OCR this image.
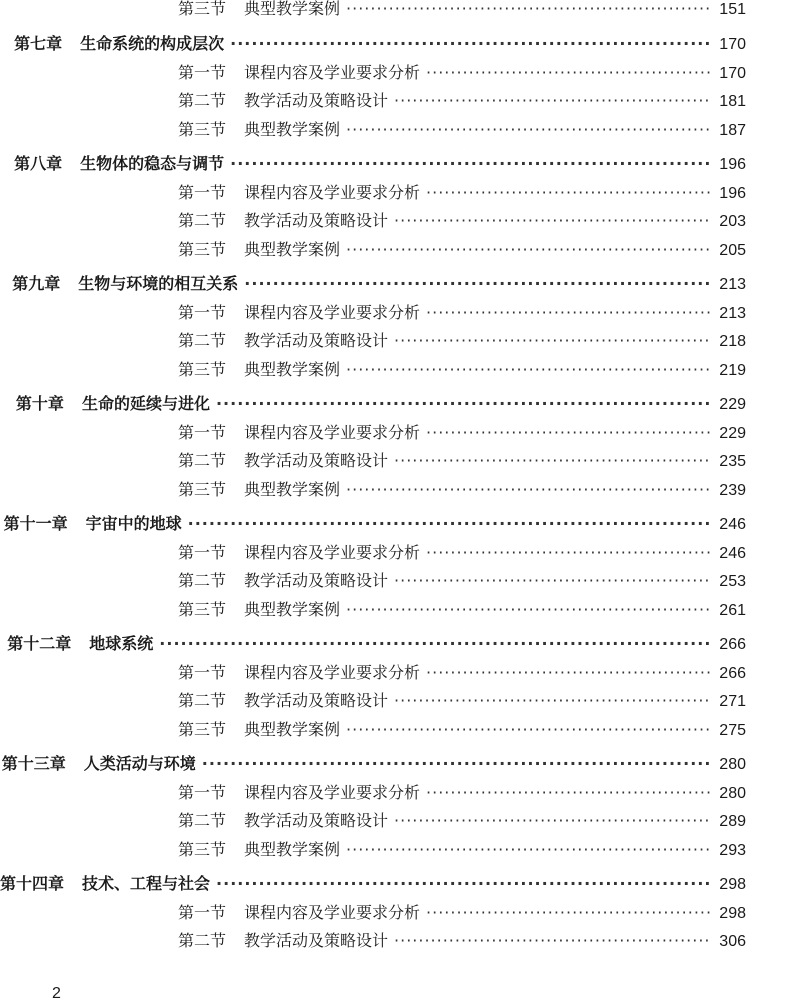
第三节	典型教学案例 ·····	151
第七章	生命系统的构成层次 ·····	170
第一节	课程内容及学业要求分析 ·····	170
第二节	教学活动及策略设计 ·····	181
第三节	典型教学案例 ·····	187
第八章	生物体的稳态与调节 ·····	196
第一节	课程内容及学业要求分析 ·····	196
第二节	教学活动及策略设计 ·····	203
第三节	典型教学案例 ·····	205
第九章	生物与环境的相互关系 ·····	213
第一节	课程内容及学业要求分析 ·····	213
第二节	教学活动及策略设计 ·····	218
第三节	典型教学案例 ·····	219
第十章	生命的延续与进化 ·····	229
第一节	课程内容及学业要求分析 ·····	229
第二节	教学活动及策略设计 ·····	235
第三节	典型教学案例 ·····	239
第十一章	宇宙中的地球 ·····	246
第一节	课程内容及学业要求分析 ·····	246
第二节	教学活动及策略设计 ·····	253
第三节	典型教学案例 ·····	261
第十二章	地球系统 ·····	266
第一节	课程内容及学业要求分析 ·····	266
第二节	教学活动及策略设计 ·····	271
第三节	典型教学案例 ·····	275
第十三章	人类活动与环境 ·····	280
第一节	课程内容及学业要求分析 ·····	280
第二节	教学活动及策略设计 ·····	289
第三节	典型教学案例 ·····	293
第十四章	技术、工程与社会 ·····	298
第一节	课程内容及学业要求分析 ·····	298
第二节	教学活动及策略设计 ·····	306
2
